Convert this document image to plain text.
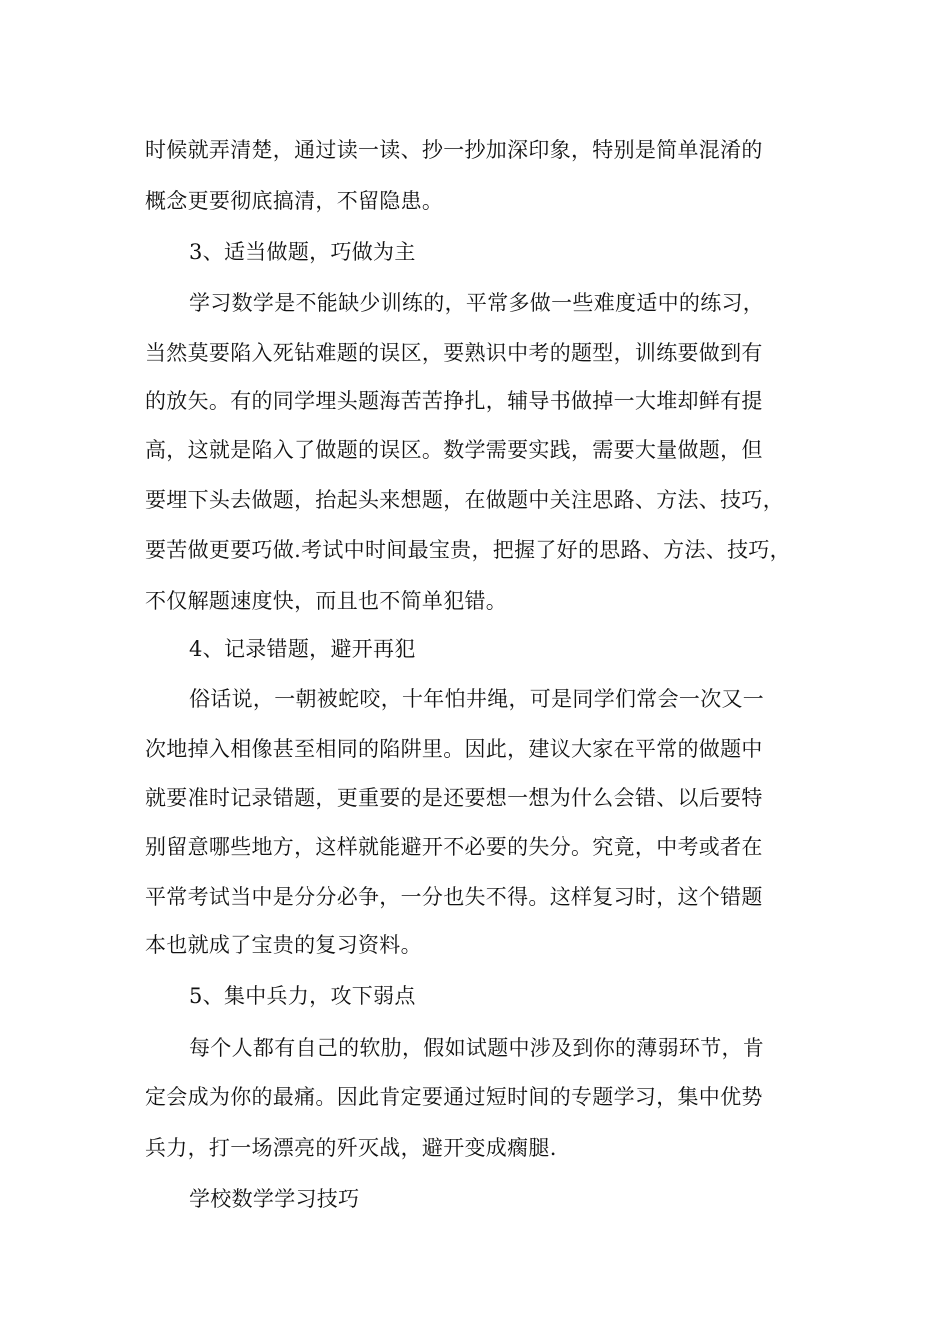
时候就弄清楚，通过读一读、抄一抄加深印象，特别是简单混淆的
概念更要彻底搞清，不留隐患。
3、适当做题，巧做为主
学习数学是不能缺少训练的，平常多做一些难度适中的练习，
当然莫要陷入死钻难题的误区，要熟识中考的题型，训练要做到有
的放矢。有的同学埋头题海苦苦挣扎，辅导书做掉一大堆却鲜有提
高，这就是陷入了做题的误区。数学需要实践，需要大量做题，但
要埋下头去做题，抬起头来想题，在做题中关注思路、方法、技巧，
要苦做更要巧做.考试中时间最宝贵，把握了好的思路、方法、技巧，
不仅解题速度快，而且也不简单犯错。
4、记录错题，避开再犯
俗话说，一朝被蛇咬，十年怕井绳，可是同学们常会一次又一
次地掉入相像甚至相同的陷阱里。因此，建议大家在平常的做题中
就要准时记录错题，更重要的是还要想一想为什么会错、以后要特
别留意哪些地方，这样就能避开不必要的失分。究竟，中考或者在
平常考试当中是分分必争，一分也失不得。这样复习时，这个错题
本也就成了宝贵的复习资料。
5、集中兵力，攻下弱点
每个人都有自己的软肋，假如试题中涉及到你的薄弱环节，肯
定会成为你的最痛。因此肯定要通过短时间的专题学习，集中优势
兵力，打一场漂亮的歼灭战，避开变成瘸腿.
学校数学学习技巧
